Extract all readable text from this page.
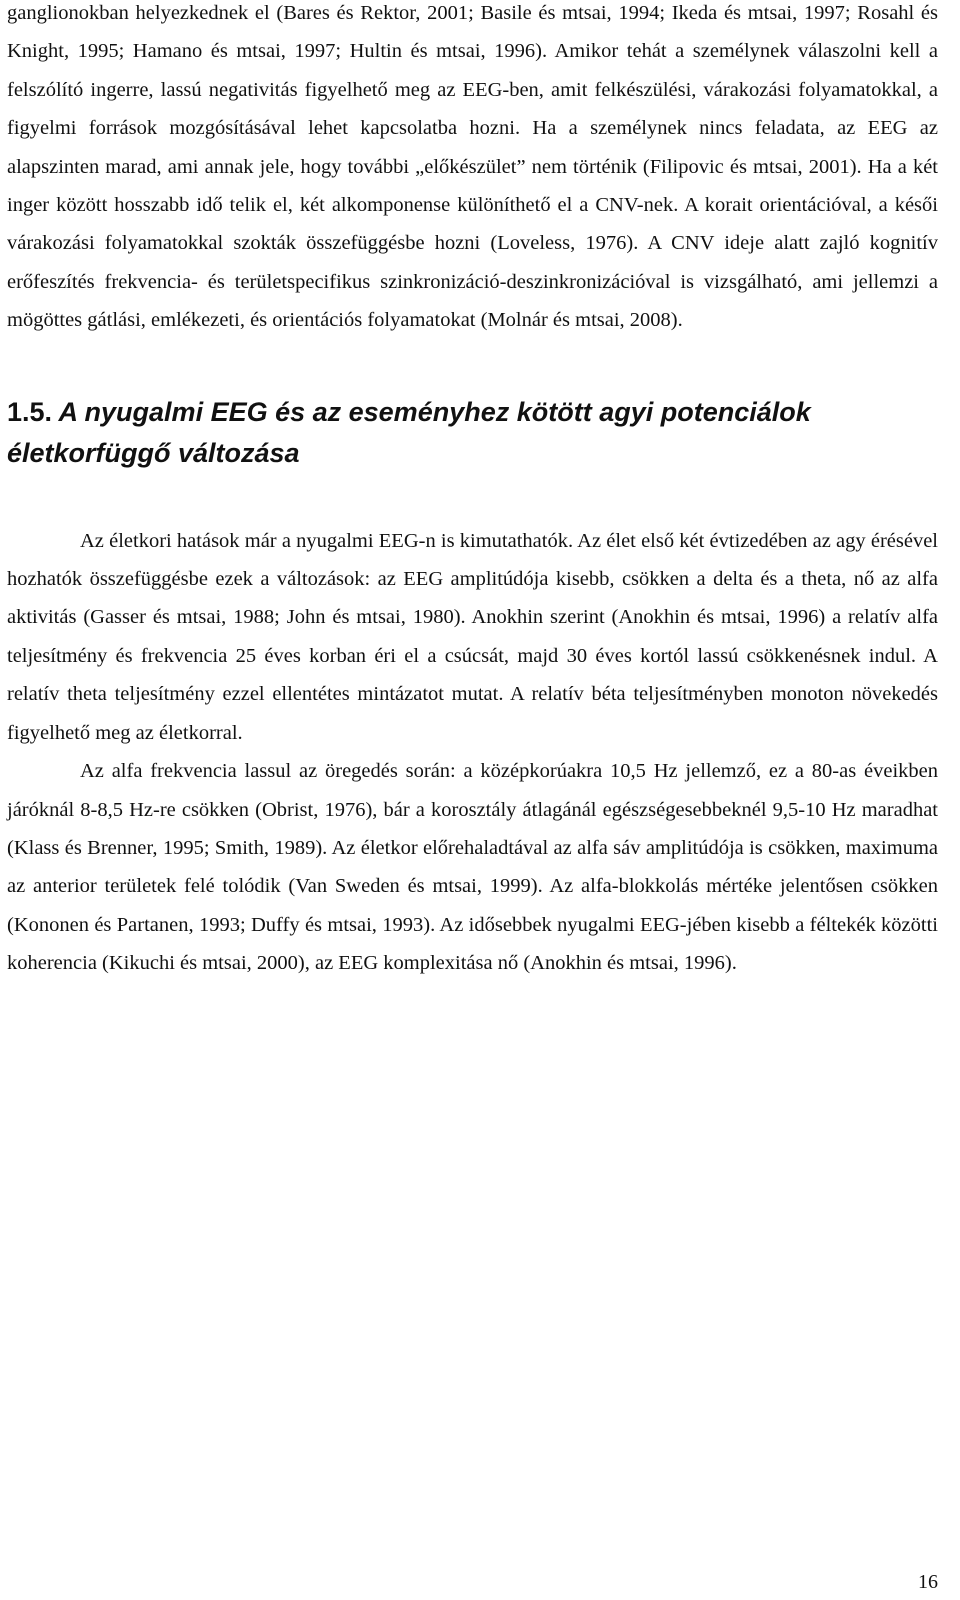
ganglionokban helyezkednek el (Bares és Rektor, 2001; Basile és mtsai, 1994; Ikeda és mtsai, 1997; Rosahl és Knight, 1995; Hamano és mtsai, 1997; Hultin és mtsai, 1996). Amikor tehát a személynek válaszolni kell a felszólító ingerre, lassú negativitás figyelhető meg az EEG-ben, amit felkészülési, várakozási folyamatokkal, a figyelmi források mozgósításával lehet kapcsolatba hozni. Ha a személynek nincs feladata, az EEG az alapszinten marad, ami annak jele, hogy további „előkészület” nem történik (Filipovic és mtsai, 2001). Ha a két inger között hosszabb idő telik el, két alkomponense különíthető el a CNV-nek. A korait orientációval, a késői várakozási folyamatokkal szokták összefüggésbe hozni (Loveless, 1976). A CNV ideje alatt zajló kognitív erőfeszítés frekvencia- és területspecifikus szinkronizáció-deszinkronizációval is vizsgálható, ami jellemzi a mögöttes gátlási, emlékezeti, és orientációs folyamatokat (Molnár és mtsai, 2008).

1.5. A nyugalmi EEG és az eseményhez kötött agyi potenciálok életkorfüggő változása

Az életkori hatások már a nyugalmi EEG-n is kimutathatók. Az élet első két évtizedében az agy érésével hozhatók összefüggésbe ezek a változások: az EEG amplitúdója kisebb, csökken a delta és a theta, nő az alfa aktivitás (Gasser és mtsai, 1988; John és mtsai, 1980). Anokhin szerint (Anokhin és mtsai, 1996) a relatív alfa teljesítmény és frekvencia 25 éves korban éri el a csúcsát, majd 30 éves kortól lassú csökkenésnek indul. A relatív theta teljesítmény ezzel ellentétes mintázatot mutat. A relatív béta teljesítményben monoton növekedés figyelhető meg az életkorral.

Az alfa frekvencia lassul az öregedés során: a középkorúakra 10,5 Hz jellemző, ez a 80-as éveikben járóknál 8-8,5 Hz-re csökken (Obrist, 1976), bár a korosztály átlagánál egészségesebbeknél 9,5-10 Hz maradhat (Klass és Brenner, 1995; Smith, 1989). Az életkor előrehaladtával az alfa sáv amplitúdója is csökken, maximuma az anterior területek felé tolódik (Van Sweden és mtsai, 1999). Az alfa-blokkolás mértéke jelentősen csökken (Kononen és Partanen, 1993; Duffy és mtsai, 1993). Az idősebbek nyugalmi EEG-jében kisebb a féltekék közötti koherencia (Kikuchi és mtsai, 2000), az EEG komplexitása nő (Anokhin és mtsai, 1996).

16
